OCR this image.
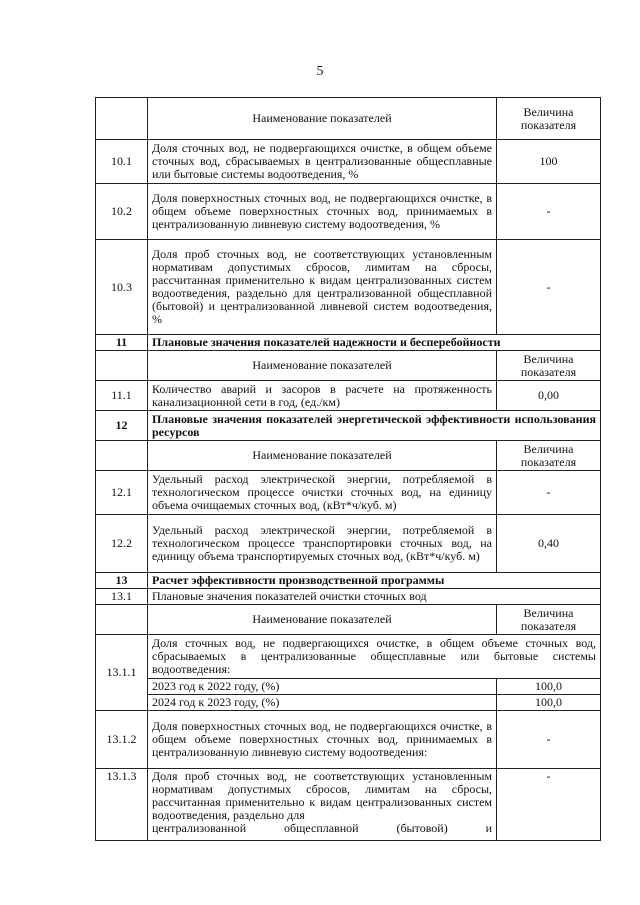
5
	Наименование показателей	Величина показателя
10.1	Доля сточных вод, не подвергающихся очистке, в общем объеме сточных вод, сбрасываемых в централизованные общесплавные или бытовые системы водоотведения, %	100
10.2	Доля поверхностных сточных вод, не подвергающихся очистке, в общем объеме поверхностных сточных вод, принимаемых в централизованную ливневую систему водоотведения, %	-
10.3	Доля проб сточных вод, не соответствующих установленным нормативам допустимых сбросов, лимитам на сбросы, рассчитанная применительно к видам централизованных систем водоотведения, раздельно для централизованной общесплавной (бытовой) и централизованной ливневой систем водоотведения, %	-
11	Плановые значения показателей надежности и бесперебойности	
	Наименование показателей	Величина показателя
11.1	Количество аварий и засоров в расчете на протяженность канализационной сети в год, (ед./км)	0,00
12	Плановые значения показателей энергетической эффективности использования ресурсов	
	Наименование показателей	Величина показателя
12.1	Удельный расход электрической энергии, потребляемой в технологическом процессе очистки сточных вод, на единицу объема очищаемых сточных вод, (кВт*ч/куб. м)	-
12.2	Удельный расход электрической энергии, потребляемой в технологическом процессе транспортировки сточных вод, на единицу объема транспортируемых сточных вод, (кВт*ч/куб. м)	0,40
13	Расчет эффективности производственной программы	
13.1	Плановые значения показателей очистки сточных вод	
	Наименование показателей	Величина показателя
13.1.1	Доля сточных вод, не подвергающихся очистке, в общем объеме сточных вод, сбрасываемых в централизованные общесплавные или бытовые системы водоотведения:	
	2023 год к 2022 году, (%)	100,0
	2024 год к 2023 году, (%)	100,0
13.1.2	Доля поверхностных сточных вод, не подвергающихся очистке, в общем объеме поверхностных сточных вод, принимаемых в централизованную ливневую систему водоотведения:	-
13.1.3	Доля проб сточных вод, не соответствующих установленным нормативам допустимых сбросов, лимитам на сбросы, рассчитанная применительно к видам централизованных систем водоотведения, раздельно для
централизованной общесплавной (бытовой) и	-
